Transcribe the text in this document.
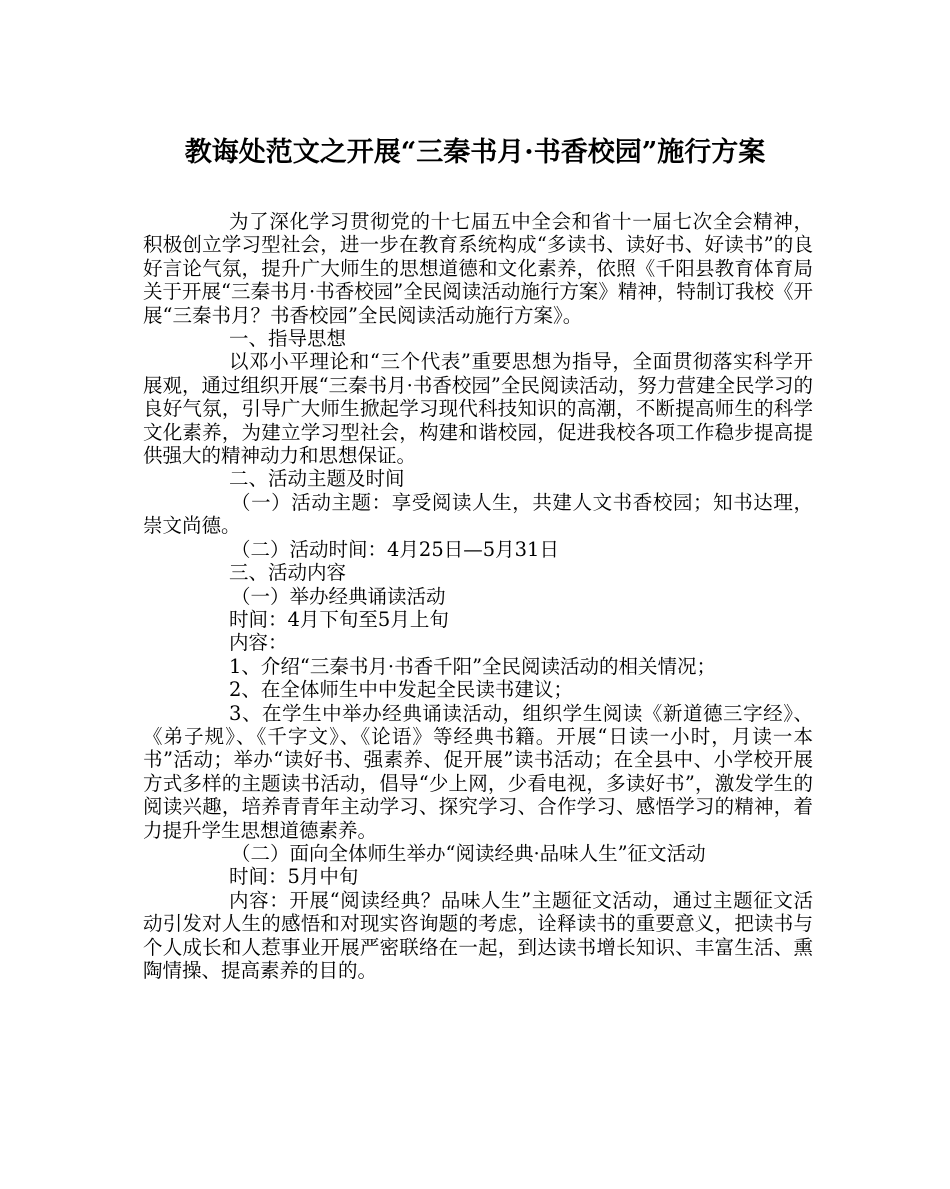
教诲处范文之开展“三秦书月·书香校园”施行方案

为了深化学习贯彻党的十七届五中全会和省十一届七次全会精神，积极创立学习型社会，进一步在教育系统构成“多读书、读好书、好读书”的良好言论气氛，提升广大师生的思想道德和文化素养，依照《千阳县教育体育局关于开展“三秦书月·书香校园”全民阅读活动施行方案》精神，特制订我校《开展“三秦书月？书香校园”全民阅读活动施行方案》。

一、指导思想

以邓小平理论和“三个代表”重要思想为指导，全面贯彻落实科学开展观，通过组织开展“三秦书月·书香校园”全民阅读活动，努力营建全民学习的良好气氛，引导广大师生掀起学习现代科技知识的高潮，不断提高师生的科学文化素养，为建立学习型社会，构建和谐校园，促进我校各项工作稳步提高提供强大的精神动力和思想保证。

二、活动主题及时间

（一）活动主题：享受阅读人生，共建人文书香校园；知书达理，崇文尚德。

（二）活动时间：4月25日—5月31日

三、活动内容

（一）举办经典诵读活动

时间：4月下旬至5月上旬

内容：

1、介绍“三秦书月·书香千阳”全民阅读活动的相关情况；

2、在全体师生中中发起全民读书建议；

3、在学生中举办经典诵读活动，组织学生阅读《新道德三字经》、《弟子规》、《千字文》、《论语》等经典书籍。开展“日读一小时，月读一本书”活动；举办“读好书、强素养、促开展”读书活动；在全县中、小学校开展方式多样的主题读书活动，倡导“少上网，少看电视，多读好书”，激发学生的阅读兴趣，培养青青年主动学习、探究学习、合作学习、感悟学习的精神，着力提升学生思想道德素养。

（二）面向全体师生举办“阅读经典·品味人生”征文活动

时间：5月中旬

内容：开展“阅读经典？品味人生”主题征文活动，通过主题征文活动引发对人生的感悟和对现实咨询题的考虑，诠释读书的重要意义，把读书与个人成长和人惹事业开展严密联络在一起，到达读书增长知识、丰富生活、熏陶情操、提高素养的目的。
